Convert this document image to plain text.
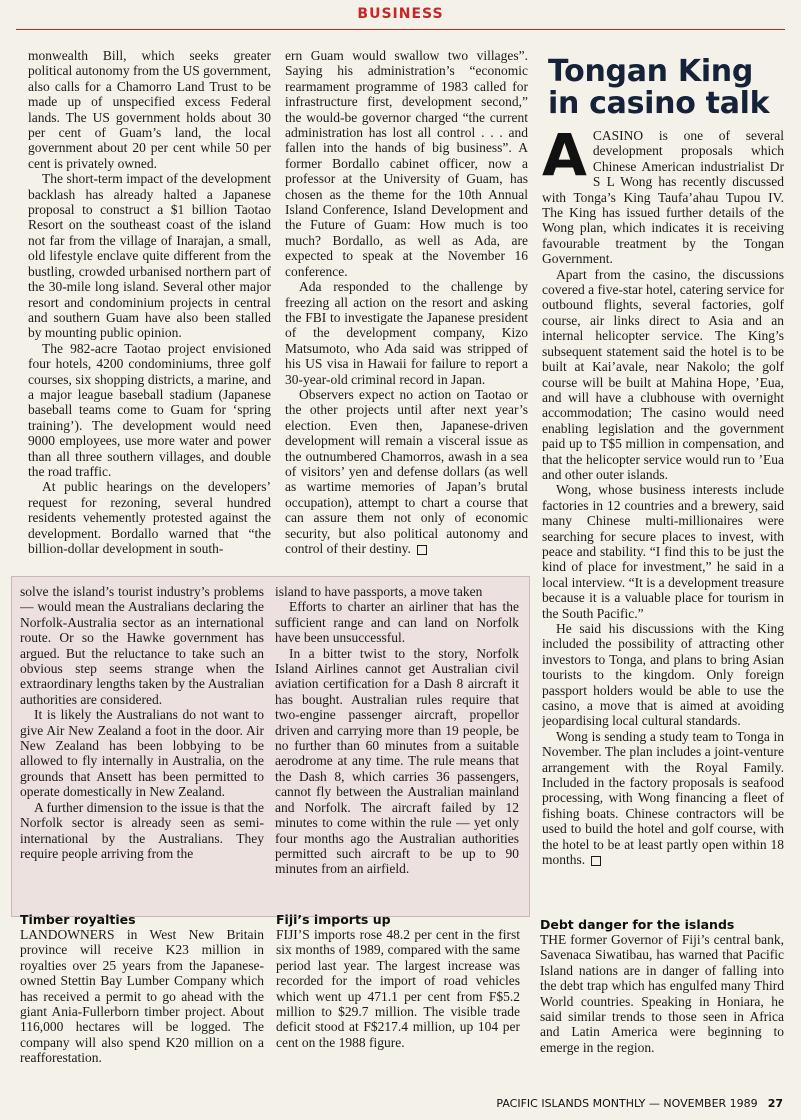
BUSINESS

monwealth Bill, which seeks greater political autonomy from the US government, also calls for a Chamorro Land Trust to be made up of unspecified excess Federal lands. The US government holds about 30 per cent of Guam’s land, the local government about 20 per cent while 50 per cent is privately owned.

The short-term impact of the development backlash has already halted a Japanese proposal to construct a $1 billion Taotao Resort on the southeast coast of the island not far from the village of Inarajan, a small, old lifestyle enclave quite different from the bustling, crowded urbanised northern part of the 30-mile long island. Several other major resort and condominium projects in central and southern Guam have also been stalled by mounting public opinion.

The 982-acre Taotao project envisioned four hotels, 4200 condominiums, three golf courses, six shopping districts, a marine, and a major league baseball stadium (Japanese baseball teams come to Guam for ‘spring training’). The development would need 9000 employees, use more water and power than all three southern villages, and double the road traffic.

At public hearings on the developers’ request for rezoning, several hundred residents vehemently protested against the development. Bordallo warned that “the billion-dollar development in south-

ern Guam would swallow two villages”. Saying his administration’s “economic rearmament programme of 1983 called for infrastructure first, development second,” the would-be governor charged “the current administration has lost all control . . . and fallen into the hands of big business”. A former Bordallo cabinet officer, now a professor at the University of Guam, has chosen as the theme for the 10th Annual Island Conference, Island Development and the Future of Guam: How much is too much? Bordallo, as well as Ada, are expected to speak at the November 16 conference.

Ada responded to the challenge by freezing all action on the resort and asking the FBI to investigate the Japanese president of the development company, Kizo Matsumoto, who Ada said was stripped of his US visa in Hawaii for failure to report a 30-year-old criminal record in Japan.

Observers expect no action on Taotao or the other projects until after next year’s election. Even then, Japanese-driven development will remain a visceral issue as the outnumbered Chamorros, awash in a sea of visitors’ yen and defense dollars (as well as wartime memories of Japan’s brutal occupation), attempt to chart a course that can assure them not only of economic security, but also political autonomy and control of their destiny.

Tongan King
in casino talk

ACASINO is one of several development proposals which Chinese American industrialist Dr S L Wong has recently discussed with Tonga’s King Taufa’ahau Tupou IV. The King has issued further details of the Wong plan, which indicates it is receiving favourable treatment by the Tongan Government.

Apart from the casino, the discussions covered a five-star hotel, catering service for outbound flights, several factories, golf course, air links direct to Asia and an internal helicopter service. The King’s subsequent statement said the hotel is to be built at Kai’avale, near Nakolo; the golf course will be built at Mahina Hope, ’Eua, and will have a clubhouse with overnight accommodation; The casino would need enabling legislation and the government paid up to T$5 million in compensation, and that the helicopter service would run to ’Eua and other outer islands.

Wong, whose business interests include factories in 12 countries and a brewery, said many Chinese multi-millionaires were searching for secure places to invest, with peace and stability. “I find this to be just the kind of place for investment,” he said in a local interview. “It is a development treasure because it is a valuable place for tourism in the South Pacific.”

He said his discussions with the King included the possibility of attracting other investors to Tonga, and plans to bring Asian tourists to the kingdom. Only foreign passport holders would be able to use the casino, a move that is aimed at avoiding jeopardising local cultural standards.

Wong is sending a study team to Tonga in November. The plan includes a joint-venture arrangement with the Royal Family. Included in the factory proposals is seafood processing, with Wong financing a fleet of fishing boats. Chinese contractors will be used to build the hotel and golf course, with the hotel to be at least partly open within 18 months.

solve the island’s tourist industry’s problems — would mean the Australians declaring the Norfolk-Australia sector as an international route. Or so the Hawke government has argued. But the reluctance to take such an obvious step seems strange when the extraordinary lengths taken by the Australian authorities are considered.

It is likely the Australians do not want to give Air New Zealand a foot in the door. Air New Zealand has been lobbying to be allowed to fly internally in Australia, on the grounds that Ansett has been permitted to operate domestically in New Zealand.

A further dimension to the issue is that the Norfolk sector is already seen as semi-international by the Australians. They require people arriving from the

island to have passports, a move taken

Efforts to charter an airliner that has the sufficient range and can land on Norfolk have been unsuccessful.

In a bitter twist to the story, Norfolk Island Airlines cannot get Australian civil aviation certification for a Dash 8 aircraft it has bought. Australian rules require that two-engine passenger aircraft, propellor driven and carrying more than 19 people, be no further than 60 minutes from a suitable aerodrome at any time. The rule means that the Dash 8, which carries 36 passengers, cannot fly between the Australian mainland and Norfolk. The aircraft failed by 12 minutes to come within the rule — yet only four months ago the Australian authorities permitted such aircraft to be up to 90 minutes from an airfield.

Timber royalties
LANDOWNERS in West New Britain province will receive K23 million in royalties over 25 years from the Japanese-owned Stettin Bay Lumber Company which has received a permit to go ahead with the giant Ania-Fullerborn timber project. About 116,000 hectares will be logged. The company will also spend K20 million on a reafforestation.
Fiji’s imports up
FIJI’S imports rose 48.2 per cent in the first six months of 1989, compared with the same period last year. The largest increase was recorded for the import of road vehicles which went up 471.1 per cent from F$5.2 million to $29.7 million. The visible trade deficit stood at F$217.4 million, up 104 per cent on the 1988 figure.
Debt danger for the islands
THE former Governor of Fiji’s central bank, Savenaca Siwatibau, has warned that Pacific Island nations are in danger of falling into the debt trap which has engulfed many Third World countries. Speaking in Honiara, he said similar trends to those seen in Africa and Latin America were beginning to emerge in the region.
PACIFIC ISLANDS MONTHLY — NOVEMBER 1989 27
